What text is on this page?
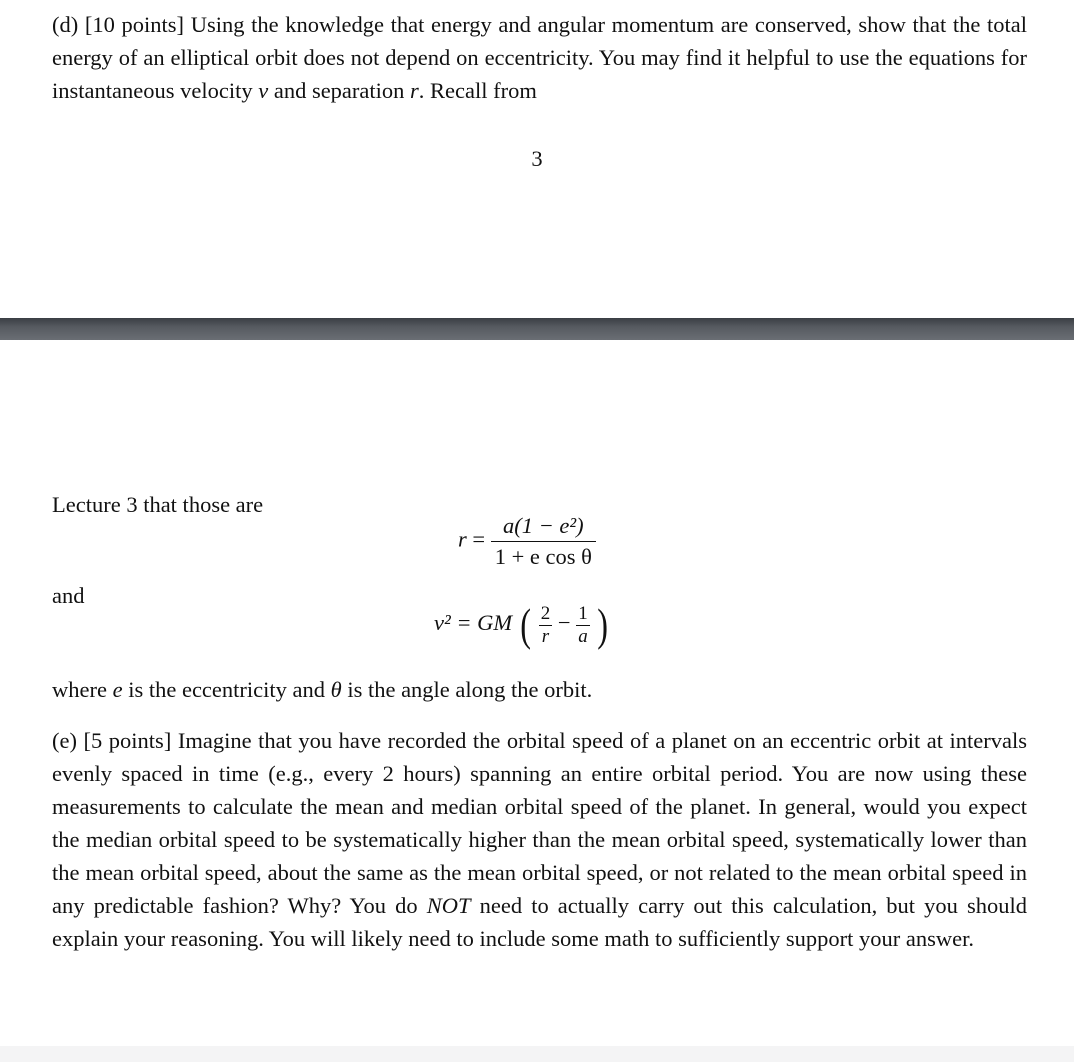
(d) [10 points] Using the knowledge that energy and angular momentum are conserved, show that the total energy of an elliptical orbit does not depend on eccentricity. You may find it helpful to use the equations for instantaneous velocity v and separation r. Recall from
3
Lecture 3 that those are
$r = \frac{\text{a(1 − e²)}}{\text{1 + e cos θ}}$
and
v² = GM ( $\frac{2}{r} - \frac{1}{a}$ )
where e is the eccentricity and θ is the angle along the orbit.
(e) [5 points] Imagine that you have recorded the orbital speed of a planet on an eccentric orbit at intervals evenly spaced in time (e.g., every 2 hours) spanning an entire orbital period. You are now using these measurements to calculate the mean and median orbital speed of the planet. In general, would you expect the median orbital speed to be systematically higher than the mean orbital speed, systematically lower than the mean orbital speed, about the same as the mean orbital speed, or not related to the mean orbital speed in any predictable fashion? Why? You do NOT need to actually carry out this calculation, but you should explain your reasoning. You will likely need to include some math to sufficiently support your answer.
